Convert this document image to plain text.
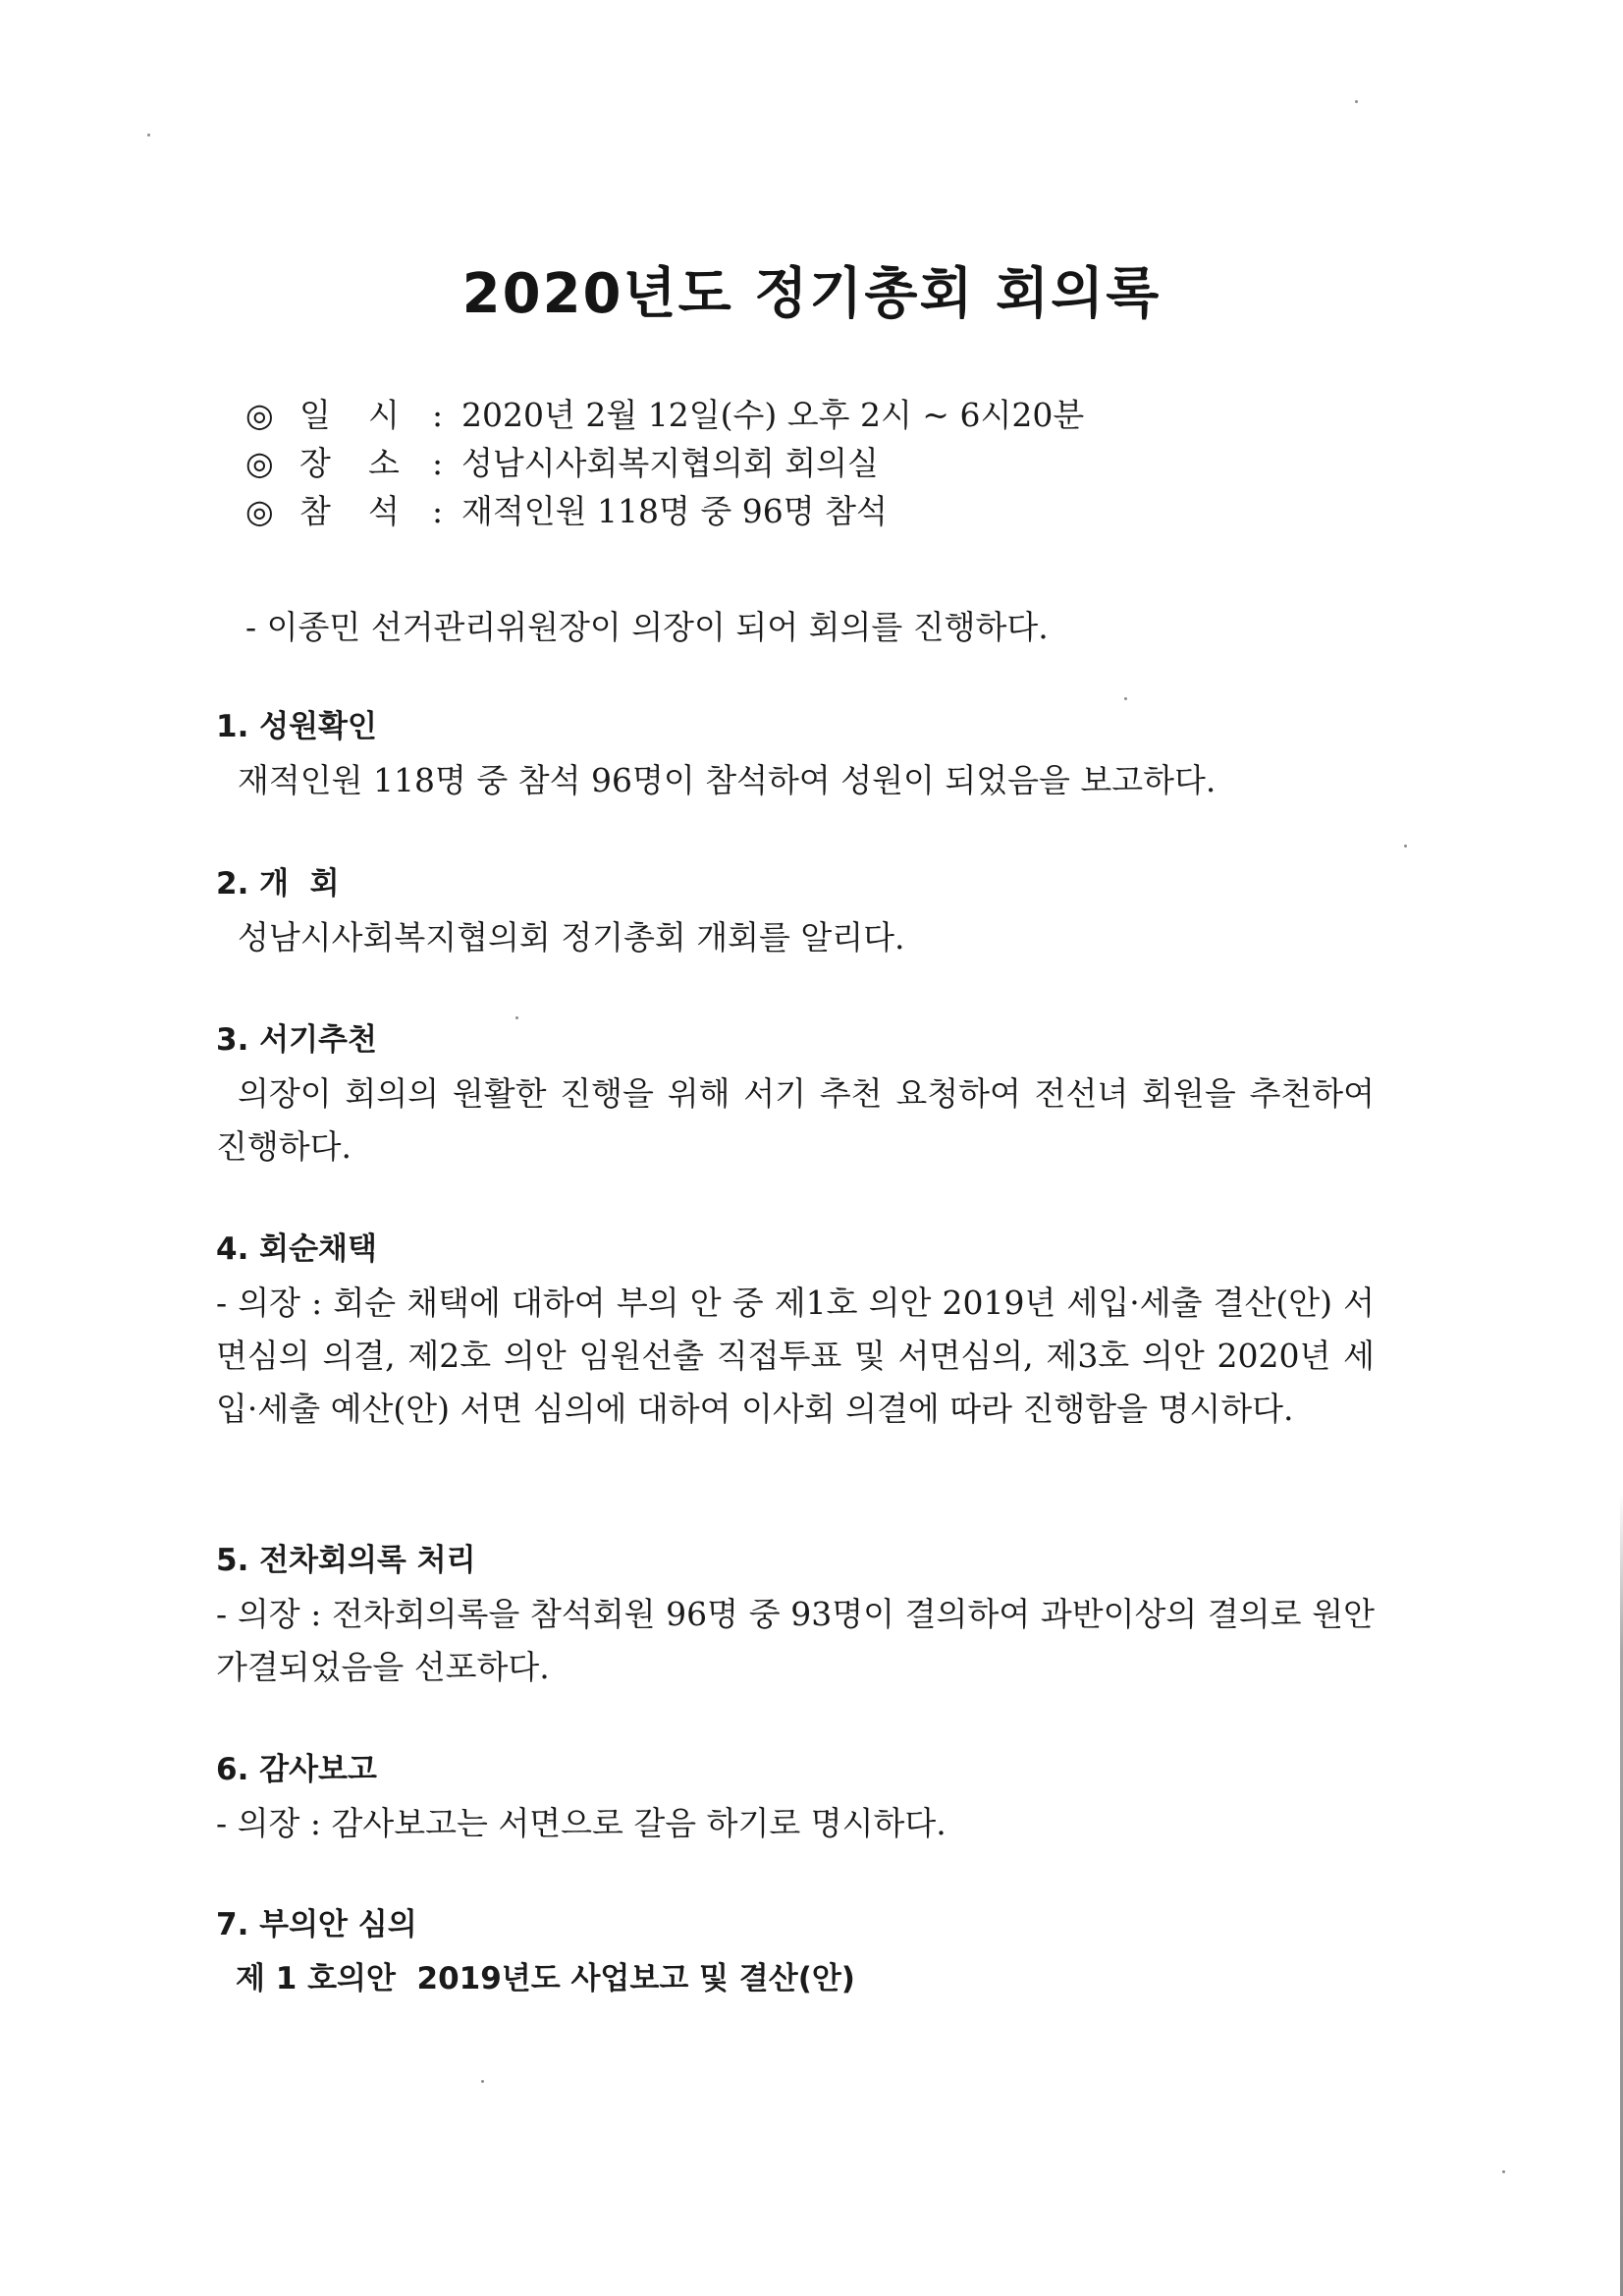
2020년도 정기총회 회의록
◎ 일 시 : 2020년 2월 12일(수) 오후 2시 ~ 6시20분
◎ 장 소 : 성남시사회복지협의회 회의실
◎ 참 석 : 재적인원 118명 중 96명 참석
- 이종민 선거관리위원장이 의장이 되어 회의를 진행하다.
1. 성원확인
재적인원 118명 중 참석 96명이 참석하여 성원이 되었음을 보고하다.
2. 개  회
성남시사회복지협의회 정기총회 개회를 알리다.
3. 서기추천
의장이 회의의 원활한 진행을 위해 서기 추천 요청하여 전선녀 회원을 추천하여 진행하다.
4. 회순채택
- 의장 : 회순 채택에 대하여 부의 안 중 제1호 의안 2019년 세입·세출 결산(안) 서면심의 의결, 제2호 의안 임원선출 직접투표 및 서면심의, 제3호 의안 2020년 세입·세출 예산(안) 서면 심의에 대하여 이사회 의결에 따라 진행함을 명시하다.
5. 전차회의록 처리
- 의장 : 전차회의록을 참석회원 96명 중 93명이 결의하여 과반이상의 결의로 원안 가결되었음을 선포하다.
6. 감사보고
- 의장 : 감사보고는 서면으로 갈음 하기로 명시하다.
7. 부의안 심의
제 1 호의안  2019년도 사업보고 및 결산(안)
